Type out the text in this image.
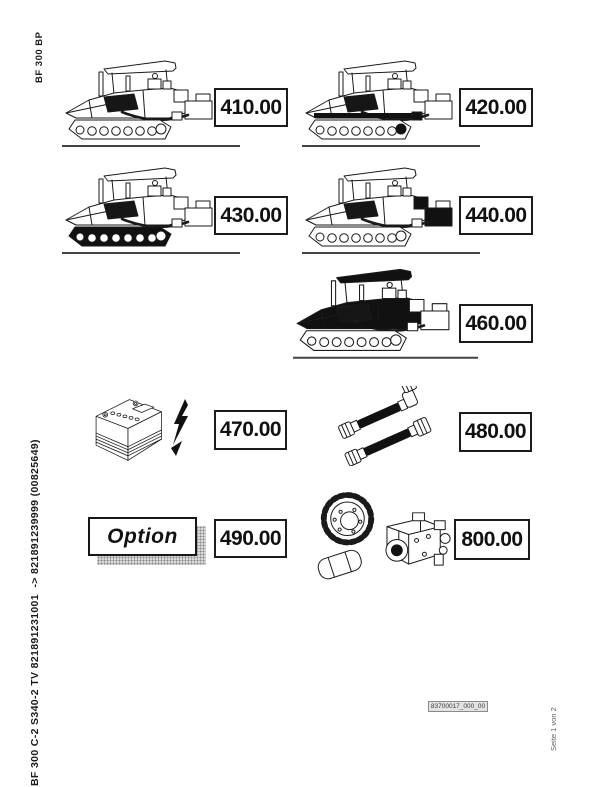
BF 300 BP
BF 300 C-2 S340-2 TV 821891231001  -> 821891239999 (00825649)	Seite 1 von 2
410.00	420.00
430.00	440.00
460.00
470.00	480.00
Option 490.00	800.00
83700017_000_00
